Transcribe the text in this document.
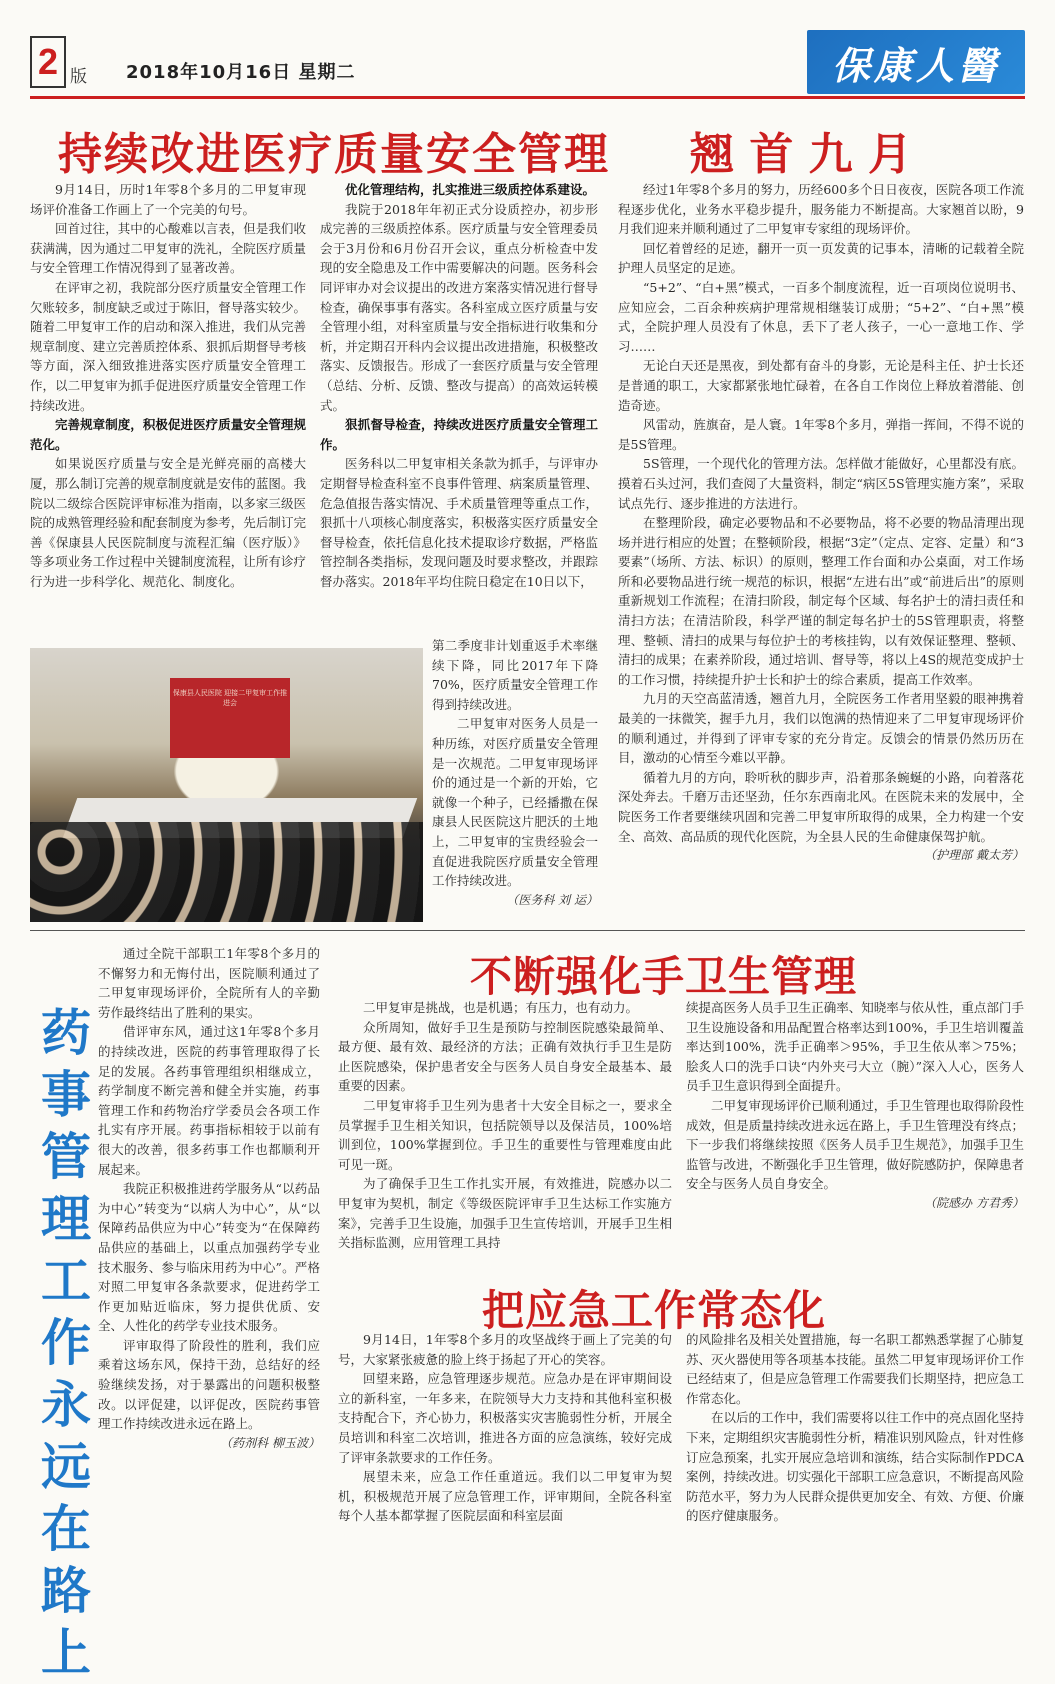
2 版 2018年10月16日 星期二	保康人醫
持续改进医疗质量安全管理

9月14日，历时1年零8个多月的二甲复审现场评价准备工作画上了一个完美的句号。

回首过往，其中的心酸难以言表，但是我们收获满满，因为通过二甲复审的洗礼，全院医疗质量与安全管理工作情况得到了显著改善。

在评审之初，我院部分医疗质量安全管理工作欠账较多，制度缺乏或过于陈旧，督导落实较少。随着二甲复审工作的启动和深入推进，我们从完善规章制度、建立完善质控体系、狠抓后期督导考核等方面，深入细致推进落实医疗质量安全管理工作，以二甲复审为抓手促进医疗质量安全管理工作持续改进。

完善规章制度，积极促进医疗质量安全管理规范化。

如果说医疗质量与安全是光鲜亮丽的高楼大厦，那么制订完善的规章制度就是安伟的蓝图。我院以二级综合医院评审标准为指南，以多家三级医院的成熟管理经验和配套制度为参考，先后制订完善《保康县人民医院制度与流程汇编（医疗版）》等多项业务工作过程中关键制度流程，让所有诊疗行为进一步科学化、规范化、制度化。

优化管理结构，扎实推进三级质控体系建设。

我院于2018年年初正式分设质控办，初步形成完善的三级质控体系。医疗质量与安全管理委员会于3月份和6月份召开会议，重点分析检查中发现的安全隐患及工作中需要解决的问题。医务科会同评审办对会议提出的改进方案落实情况进行督导检查，确保事事有落实。各科室成立医疗质量与安全管理小组，对科室质量与安全指标进行收集和分析，并定期召开科内会议提出改进措施，积极整改落实、反馈报告。形成了一套医疗质量与安全管理（总结、分析、反馈、整改与提高）的高效运转模式。

狠抓督导检查，持续改进医疗质量安全管理工作。

医务科以二甲复审相关条款为抓手，与评审办定期督导检查科室不良事件管理、病案质量管理、危急值报告落实情况、手术质量管理等重点工作，狠抓十八项核心制度落实，积极落实医疗质量安全督导检查，依托信息化技术提取诊疗数据，严格监管控制各类指标，发现问题及时要求整改，并跟踪督办落实。2018年平均住院日稳定在10日以下，

保康县人民医院 迎接二甲复审工作推进会

第二季度非计划重返手术率继续下降，同比2017年下降70%，医疗质量安全管理工作得到持续改进。

二甲复审对医务人员是一种历练，对医疗质量安全管理是一次规范。二甲复审现场评价的通过是一个新的开始，它就像一个种子，已经播撒在保康县人民医院这片肥沃的土地上，二甲复审的宝贵经验会一直促进我院医疗质量安全管理工作持续改进。

（医务科 刘 运）

翘 首 九 月

经过1年零8个多月的努力，历经600多个日日夜夜，医院各项工作流程逐步优化，业务水平稳步提升，服务能力不断提高。大家翘首以盼，9月我们迎来并顺利通过了二甲复审专家组的现场评价。

回忆着曾经的足迹，翻开一页一页发黄的记事本，清晰的记载着全院护理人员坚定的足迹。

“5+2”、“白+黑”模式，一百多个制度流程，近一百项岗位说明书、应知应会，二百余种疾病护理常规相继装订成册；“5+2”、“白+黑”模式，全院护理人员没有了休息，丢下了老人孩子，一心一意地工作、学习……

无论白天还是黑夜，到处都有奋斗的身影，无论是科主任、护士长还是普通的职工，大家都紧张地忙碌着，在各自工作岗位上释放着潜能、创造奇迹。

风雷动，旌旗奋，是人寰。1年零8个多月，弹指一挥间，不得不说的是5S管理。

5S管理，一个现代化的管理方法。怎样做才能做好，心里都没有底。摸着石头过河，我们查阅了大量资料，制定“病区5S管理实施方案”，采取试点先行、逐步推进的方法进行。

在整理阶段，确定必要物品和不必要物品，将不必要的物品清理出现场并进行相应的处置；在整顿阶段，根据“3定”（定点、定容、定量）和“3要素”（场所、方法、标识）的原则，整理工作台面和办公桌面，对工作场所和必要物品进行统一规范的标识，根据“左进右出”或“前进后出”的原则重新规划工作流程；在清扫阶段，制定每个区域、每名护士的清扫责任和清扫方法；在清洁阶段，科学严谨的制定每名护士的5S管理职责，将整理、整顿、清扫的成果与每位护士的考核挂钩，以有效保证整理、整顿、清扫的成果；在素养阶段，通过培训、督导等，将以上4S的规范变成护士的工作习惯，持续提升护士长和护士的综合素质，提高工作效率。

九月的天空高蓝清透，翘首九月，全院医务工作者用坚毅的眼神携着最美的一抹微笑，握手九月，我们以饱满的热情迎来了二甲复审现场评价的顺利通过，并得到了评审专家的充分肯定。反馈会的情景仍然历历在目，激动的心情至今难以平静。

循着九月的方向，聆听秋的脚步声，沿着那条蜿蜒的小路，向着落花深处奔去。千磨万击还坚劲，任尔东西南北风。在医院未来的发展中，全院医务工作者要继续巩固和完善二甲复审所取得的成果，全力构建一个安全、高效、高品质的现代化医院，为全县人民的生命健康保驾护航。

（护理部 戴太芳）

药事管理工作永远在路上

通过全院干部职工1年零8个多月的不懈努力和无悔付出，医院顺利通过了二甲复审现场评价，全院所有人的辛勤劳作最终结出了胜利的果实。

借评审东风，通过这1年零8个多月的持续改进，医院的药事管理取得了长足的发展。各药事管理组织相继成立，药学制度不断完善和健全并实施，药事管理工作和药物治疗学委员会各项工作扎实有序开展。药事指标相较于以前有很大的改善，很多药事工作也都顺利开展起来。

我院正积极推进药学服务从“以药品为中心”转变为“以病人为中心”，从“以保障药品供应为中心”转变为“在保障药品供应的基础上，以重点加强药学专业技术服务、参与临床用药为中心”。严格对照二甲复审各条款要求，促进药学工作更加贴近临床，努力提供优质、安全、人性化的药学专业技术服务。

评审取得了阶段性的胜利，我们应乘着这场东风，保持干劲，总结好的经验继续发扬，对于暴露出的问题积极整改。以评促建，以评促改，医院药事管理工作持续改进永远在路上。

（药剂科 柳玉波）

不断强化手卫生管理

二甲复审是挑战，也是机遇；有压力，也有动力。

众所周知，做好手卫生是预防与控制医院感染最简单、最方便、最有效、最经济的方法；正确有效执行手卫生是防止医院感染，保护患者安全与医务人员自身安全最基本、最重要的因素。

二甲复审将手卫生列为患者十大安全目标之一，要求全员掌握手卫生相关知识，包括院领导以及保洁员，100%培训到位，100%掌握到位。手卫生的重要性与管理难度由此可见一斑。

为了确保手卫生工作扎实开展，有效推进，院感办以二甲复审为契机，制定《等级医院评审手卫生达标工作实施方案》，完善手卫生设施，加强手卫生宣传培训，开展手卫生相关指标监测，应用管理工具持

续提高医务人员手卫生正确率、知晓率与依从性，重点部门手卫生设施设备和用品配置合格率达到100%，手卫生培训覆盖率达到100%，洗手正确率＞95%，手卫生依从率＞75%；脍炙人口的洗手口诀“内外夹弓大立（腕）”深入人心，医务人员手卫生意识得到全面提升。

二甲复审现场评价已顺利通过，手卫生管理也取得阶段性成效，但是质量持续改进永远在路上，手卫生管理没有终点；下一步我们将继续按照《医务人员手卫生规范》，加强手卫生监管与改进，不断强化手卫生管理，做好院感防护，保障患者安全与医务人员自身安全。

（院感办 方君秀）

把应急工作常态化

9月14日，1年零8个多月的攻坚战终于画上了完美的句号，大家紧张疲惫的脸上终于扬起了开心的笑容。

回望来路，应急管理逐步规范。应急办是在评审期间设立的新科室，一年多来，在院领导大力支持和其他科室积极支持配合下，齐心协力，积极落实灾害脆弱性分析，开展全员培训和科室二次培训，推进各方面的应急演练，较好完成了评审条款要求的工作任务。

展望未来，应急工作任重道远。我们以二甲复审为契机，积极规范开展了应急管理工作，评审期间，全院各科室每个人基本都掌握了医院层面和科室层面

的风险排名及相关处置措施，每一名职工都熟悉掌握了心肺复苏、灭火器使用等各项基本技能。虽然二甲复审现场评价工作已经结束了，但是应急管理工作需要我们长期坚持，把应急工作常态化。

在以后的工作中，我们需要将以往工作中的亮点固化坚持下来，定期组织灾害脆弱性分析，精准识别风险点，针对性修订应急预案，扎实开展应急培训和演练，结合实际制作PDCA案例，持续改进。切实强化干部职工应急意识，不断提高风险防范水平，努力为人民群众提供更加安全、有效、方便、价廉的医疗健康服务。
